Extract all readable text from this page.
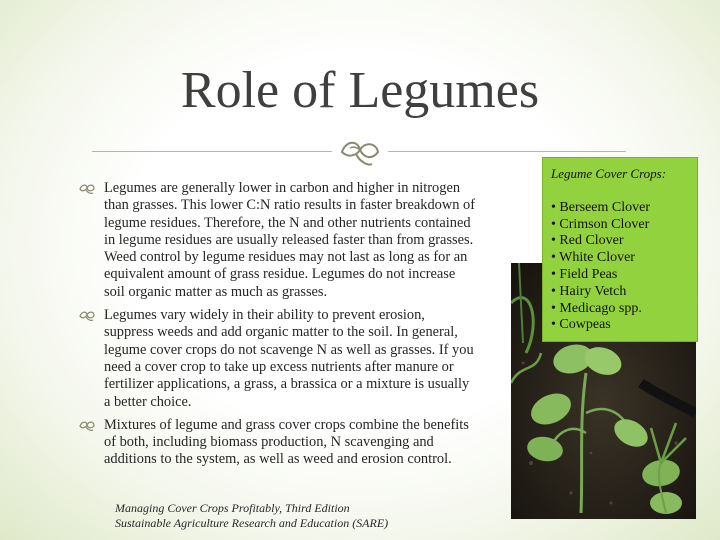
Role of Legumes
Legumes are generally lower in carbon and higher in nitrogen than grasses. This lower C:N ratio results in faster breakdown of legume residues. Therefore, the N and other nutrients contained in legume residues are usually released faster than from grasses. Weed control by legume residues may not last as long as for an equivalent amount of grass residue. Legumes do not increase soil organic matter as much as grasses.
Legumes vary widely in their ability to prevent erosion, suppress weeds and add organic matter to the soil. In general, legume cover crops do not scavenge N as well as grasses. If you need a cover crop to take up excess nutrients after manure or fertilizer applications, a grass, a brassica or a mixture is usually a better choice.
Mixtures of legume and grass cover crops combine the benefits of both, including biomass production, N scavenging and additions to the system, as well as weed and erosion control.
Managing Cover Crops Profitably, Third Edition
Sustainable Agriculture Research and Education (SARE)
Legume Cover Crops:
• Berseem Clover
• Crimson Clover
• Red Clover
• White Clover
• Field Peas
• Hairy Vetch
• Medicago spp.
• Cowpeas
